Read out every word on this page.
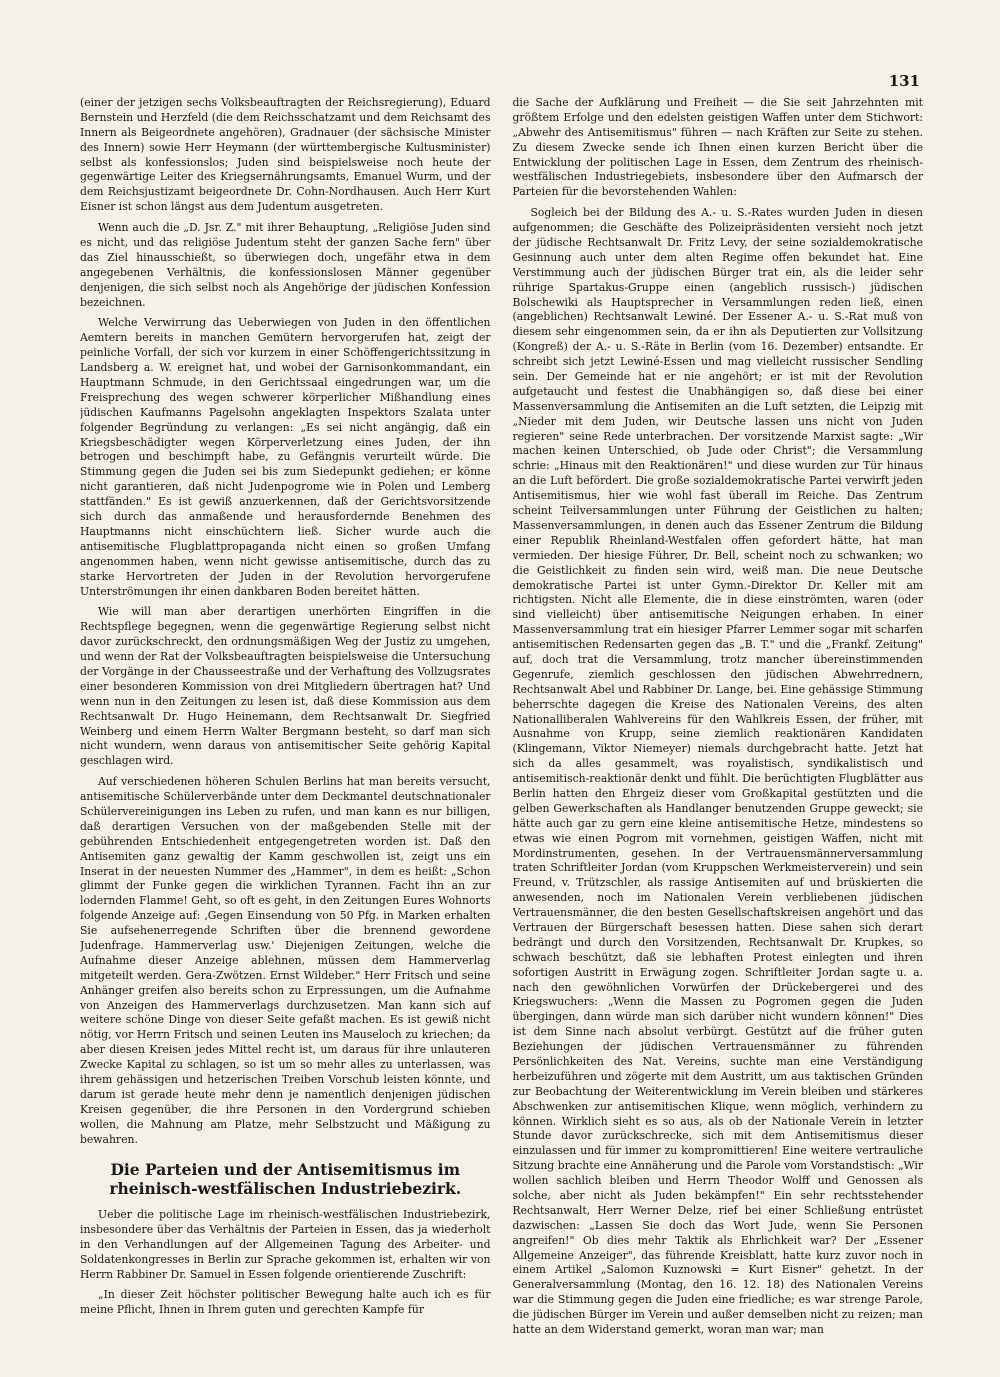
131

(einer der jetzigen sechs Volksbeauftragten der Reichsregierung), Eduard Bernstein und Herzfeld (die dem Reichsschatzamt und dem Reichsamt des Innern als Beigeordnete angehören), Gradnauer (der sächsische Minister des Innern) sowie Herr Heymann (der württembergische Kultusminister) selbst als konfessionslos; Juden sind beispielsweise noch heute der gegenwärtige Leiter des Kriegsernährungsamts, Emanuel Wurm, und der dem Reichsjustizamt beigeordnete Dr. Cohn-Nordhausen. Auch Herr Kurt Eisner ist schon längst aus dem Judentum ausgetreten.

Wenn auch die „D. Jsr. Z." mit ihrer Behauptung, „Religiöse Juden sind es nicht, und das religiöse Judentum steht der ganzen Sache fern" über das Ziel hinausschießt, so überwiegen doch, ungefähr etwa in dem angegebenen Verhältnis, die konfessionslosen Männer gegenüber denjenigen, die sich selbst noch als Angehörige der jüdischen Konfession bezeichnen.

Welche Verwirrung das Ueberwiegen von Juden in den öffentlichen Aemtern bereits in manchen Gemütern hervorgerufen hat, zeigt der peinliche Vorfall, der sich vor kurzem in einer Schöffengerichtssitzung in Landsberg a. W. ereignet hat, und wobei der Garnisonkommandant, ein Hauptmann Schmude, in den Gerichtssaal eingedrungen war, um die Freisprechung des wegen schwerer körperlicher Mißhandlung eines jüdischen Kaufmanns Pagelsohn angeklagten Inspektors Szalata unter folgender Begründung zu verlangen: „Es sei nicht angängig, daß ein Kriegsbeschädigter wegen Körperverletzung eines Juden, der ihn betrogen und beschimpft habe, zu Gefängnis verurteilt würde. Die Stimmung gegen die Juden sei bis zum Siedepunkt gediehen; er könne nicht garantieren, daß nicht Judenpogrome wie in Polen und Lemberg stattfänden." Es ist gewiß anzuerkennen, daß der Gerichtsvorsitzende sich durch das anmaßende und herausfordernde Benehmen des Hauptmanns nicht einschüchtern ließ. Sicher wurde auch die antisemitische Flugblattpropaganda nicht einen so großen Umfang angenommen haben, wenn nicht gewisse antisemitische, durch das zu starke Hervortreten der Juden in der Revolution hervorgerufene Unterströmungen ihr einen dankbaren Boden bereitet hätten.

Wie will man aber derartigen unerhörten Eingriffen in die Rechtspflege begegnen, wenn die gegenwärtige Regierung selbst nicht davor zurückschreckt, den ordnungsmäßigen Weg der Justiz zu umgehen, und wenn der Rat der Volksbeauftragten beispielsweise die Untersuchung der Vorgänge in der Chausseestraße und der Verhaftung des Vollzugsrates einer besonderen Kommission von drei Mitgliedern übertragen hat? Und wenn nun in den Zeitungen zu lesen ist, daß diese Kommission aus dem Rechtsanwalt Dr. Hugo Heinemann, dem Rechtsanwalt Dr. Siegfried Weinberg und einem Herrn Walter Bergmann besteht, so darf man sich nicht wundern, wenn daraus von antisemitischer Seite gehörig Kapital geschlagen wird.

Auf verschiedenen höheren Schulen Berlins hat man bereits versucht, antisemitische Schülerverbände unter dem Deckmantel deutschnationaler Schülervereinigungen ins Leben zu rufen, und man kann es nur billigen, daß derartigen Versuchen von der maßgebenden Stelle mit der gebührenden Entschiedenheit entgegengetreten worden ist. Daß den Antisemiten ganz gewaltig der Kamm geschwollen ist, zeigt uns ein Inserat in der neuesten Nummer des „Hammer", in dem es heißt: „Schon glimmt der Funke gegen die wirklichen Tyrannen. Facht ihn an zur lodernden Flamme! Geht, so oft es geht, in den Zeitungen Eures Wohnorts folgende Anzeige auf: ‚Gegen Einsendung von 50 Pfg. in Marken erhalten Sie aufsehenerregende Schriften über die brennend gewordene Judenfrage. Hammerverlag usw.' Diejenigen Zeitungen, welche die Aufnahme dieser Anzeige ablehnen, müssen dem Hammerverlag mitgeteilt werden. Gera-Zwötzen. Ernst Wildeber." Herr Fritsch und seine Anhänger greifen also bereits schon zu Erpressungen, um die Aufnahme von Anzeigen des Hammerverlags durchzusetzen. Man kann sich auf weitere schöne Dinge von dieser Seite gefaßt machen. Es ist gewiß nicht nötig, vor Herrn Fritsch und seinen Leuten ins Mauseloch zu kriechen; da aber diesen Kreisen jedes Mittel recht ist, um daraus für ihre unlauteren Zwecke Kapital zu schlagen, so ist um so mehr alles zu unterlassen, was ihrem gehässigen und hetzerischen Treiben Vorschub leisten könnte, und darum ist gerade heute mehr denn je namentlich denjenigen jüdischen Kreisen gegenüber, die ihre Personen in den Vordergrund schieben wollen, die Mahnung am Platze, mehr Selbstzucht und Mäßigung zu bewahren.

Die Parteien und der Antisemitismus im rheinisch-westfälischen Industriebezirk.

Ueber die politische Lage im rheinisch-westfälischen Industriebezirk, insbesondere über das Verhältnis der Parteien in Essen, das ja wiederholt in den Verhandlungen auf der Allgemeinen Tagung des Arbeiter- und Soldatenkongresses in Berlin zur Sprache gekommen ist, erhalten wir von Herrn Rabbiner Dr. Samuel in Essen folgende orientierende Zuschrift:

„In dieser Zeit höchster politischer Bewegung halte auch ich es für meine Pflicht, Ihnen in Ihrem guten und gerechten Kampfe für

die Sache der Aufklärung und Freiheit — die Sie seit Jahrzehnten mit größtem Erfolge und den edelsten geistigen Waffen unter dem Stichwort: „Abwehr des Antisemitismus" führen — nach Kräften zur Seite zu stehen. Zu diesem Zwecke sende ich Ihnen einen kurzen Bericht über die Entwicklung der politischen Lage in Essen, dem Zentrum des rheinisch-westfälischen Industriegebiets, insbesondere über den Aufmarsch der Parteien für die bevorstehenden Wahlen:

Sogleich bei der Bildung des A.- u. S.-Rates wurden Juden in diesen aufgenommen; die Geschäfte des Polizeipräsidenten versieht noch jetzt der jüdische Rechtsanwalt Dr. Fritz Levy, der seine sozialdemokratische Gesinnung auch unter dem alten Regime offen bekundet hat. Eine Verstimmung auch der jüdischen Bürger trat ein, als die leider sehr rührige Spartakus-Gruppe einen (angeblich russisch-) jüdischen Bolschewiki als Hauptsprecher in Versammlungen reden ließ, einen (angeblichen) Rechtsanwalt Lewiné. Der Essener A.- u. S.-Rat muß von diesem sehr eingenommen sein, da er ihn als Deputierten zur Vollsitzung (Kongreß) der A.- u. S.-Räte in Berlin (vom 16. Dezember) entsandte. Er schreibt sich jetzt Lewiné-Essen und mag vielleicht russischer Sendling sein. Der Gemeinde hat er nie angehört; er ist mit der Revolution aufgetaucht und festest die Unabhängigen so, daß diese bei einer Massenversammlung die Antisemiten an die Luft setzten, die Leipzig mit „Nieder mit dem Juden, wir Deutsche lassen uns nicht von Juden regieren" seine Rede unterbrachen. Der vorsitzende Marxist sagte: „Wir machen keinen Unterschied, ob Jude oder Christ"; die Versammlung schrie: „Hinaus mit den Reaktionären!" und diese wurden zur Tür hinaus an die Luft befördert. Die große sozialdemokratische Partei verwirft jeden Antisemitismus, hier wie wohl fast überall im Reiche. Das Zentrum scheint Teilversammlungen unter Führung der Geistlichen zu halten; Massenversammlungen, in denen auch das Essener Zentrum die Bildung einer Republik Rheinland-Westfalen offen gefordert hätte, hat man vermieden. Der hiesige Führer, Dr. Bell, scheint noch zu schwanken; wo die Geistlichkeit zu finden sein wird, weiß man. Die neue Deutsche demokratische Partei ist unter Gymn.-Direktor Dr. Keller mit am richtigsten. Nicht alle Elemente, die in diese einströmten, waren (oder sind vielleicht) über antisemitische Neigungen erhaben. In einer Massenversammlung trat ein hiesiger Pfarrer Lemmer sogar mit scharfen antisemitischen Redensarten gegen das „B. T." und die „Frankf. Zeitung" auf, doch trat die Versammlung, trotz mancher übereinstimmenden Gegenrufe, ziemlich geschlossen den jüdischen Abwehrrednern, Rechtsanwalt Abel und Rabbiner Dr. Lange, bei. Eine gehässige Stimmung beherrschte dagegen die Kreise des Nationalen Vereins, des alten Nationalliberalen Wahlvereins für den Wahlkreis Essen, der früher, mit Ausnahme von Krupp, seine ziemlich reaktionären Kandidaten (Klingemann, Viktor Niemeyer) niemals durchgebracht hatte. Jetzt hat sich da alles gesammelt, was royalistisch, syndikalistisch und antisemitisch-reaktionär denkt und fühlt. Die berüchtigten Flugblätter aus Berlin hatten den Ehrgeiz dieser vom Großkapital gestützten und die gelben Gewerkschaften als Handlanger benutzenden Gruppe geweckt; sie hätte auch gar zu gern eine kleine antisemitische Hetze, mindestens so etwas wie einen Pogrom mit vornehmen, geistigen Waffen, nicht mit Mordinstrumenten, gesehen. In der Vertrauensmännerversammlung traten Schriftleiter Jordan (vom Kruppschen Werkmeisterverein) und sein Freund, v. Trützschler, als rassige Antisemiten auf und brüskierten die anwesenden, noch im Nationalen Verein verbliebenen jüdischen Vertrauensmänner, die den besten Gesellschaftskreisen angehört und das Vertrauen der Bürgerschaft besessen hatten. Diese sahen sich derart bedrängt und durch den Vorsitzenden, Rechtsanwalt Dr. Krupkes, so schwach beschützt, daß sie lebhaften Protest einlegten und ihren sofortigen Austritt in Erwägung zogen. Schriftleiter Jordan sagte u. a. nach den gewöhnlichen Vorwürfen der Drückebergerei und des Kriegswuchers: „Wenn die Massen zu Pogromen gegen die Juden übergingen, dann würde man sich darüber nicht wundern können!" Dies ist dem Sinne nach absolut verbürgt. Gestützt auf die früher guten Beziehungen der jüdischen Vertrauensmänner zu führenden Persönlichkeiten des Nat. Vereins, suchte man eine Verständigung herbeizuführen und zögerte mit dem Austritt, um aus taktischen Gründen zur Beobachtung der Weiterentwicklung im Verein bleiben und stärkeres Abschwenken zur antisemitischen Klique, wenn möglich, verhindern zu können. Wirklich sieht es so aus, als ob der Nationale Verein in letzter Stunde davor zurückschrecke, sich mit dem Antisemitismus dieser einzulassen und für immer zu kompromittieren! Eine weitere vertrauliche Sitzung brachte eine Annäherung und die Parole vom Vorstandstisch: „Wir wollen sachlich bleiben und Herrn Theodor Wolff und Genossen als solche, aber nicht als Juden bekämpfen!" Ein sehr rechtsstehender Rechtsanwalt, Herr Werner Delze, rief bei einer Schließung entrüstet dazwischen: „Lassen Sie doch das Wort Jude, wenn Sie Personen angreifen!" Ob dies mehr Taktik als Ehrlichkeit war? Der „Essener Allgemeine Anzeiger", das führende Kreisblatt, hatte kurz zuvor noch in einem Artikel „Salomon Kuznowski = Kurt Eisner" gehetzt. In der Generalversammlung (Montag, den 16. 12. 18) des Nationalen Vereins war die Stimmung gegen die Juden eine friedliche; es war strenge Parole, die jüdischen Bürger im Verein und außer demselben nicht zu reizen; man hatte an dem Widerstand gemerkt, woran man war; man
